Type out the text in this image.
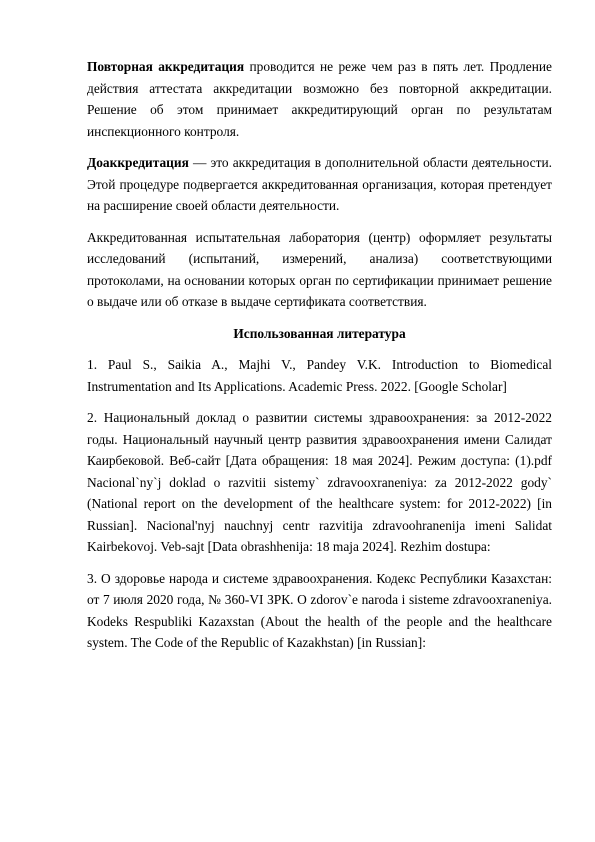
Повторная аккредитация проводится не реже чем раз в пять лет. Продление действия аттестата аккредитации возможно без повторной аккредитации. Решение об этом принимает аккредитирующий орган по результатам инспекционного контроля.

Доаккредитация — это аккредитация в дополнительной области деятельности. Этой процедуре подвергается аккредитованная организация, которая претендует на расширение своей области деятельности.

Аккредитованная испытательная лаборатория (центр) оформляет результаты исследований (испытаний, измерений, анализа) соответствующими протоколами, на основании которых орган по сертификации принимает решение о выдаче или об отказе в выдаче сертификата соответствия.

Использованная литература

1. Paul S., Saikia A., Majhi V., Pandey V.K. Introduction to Biomedical Instrumentation and Its Applications. Academic Press. 2022. [Google Scholar]

2. Национальный доклад о развитии системы здравоохранения: за 2012-2022 годы. Национальный научный центр развития здравоохранения имени Салидат Каирбековой. Веб-сайт [Дата обращения: 18 мая 2024]. Режим доступа: (1).pdf Nacional`ny`j doklad o razvitii sistemy` zdravooxraneniya: za 2012-2022 gody` (National report on the development of the healthcare system: for 2012-2022) [in Russian]. Nacional'nyj nauchnyj centr razvitija zdravoohranenija imeni Salidat Kairbekovoj. Veb-sajt [Data obrashhenija: 18 maja 2024]. Rezhim dostupa:

3. О здоровье народа и системе здравоохранения. Кодекс Республики Казахстан: от 7 июля 2020 года, № 360-VI ЗРК. O zdorov`e naroda i sisteme zdravooxraneniya. Kodeks Respubliki Kazaxstan (About the health of the people and the healthcare system. The Code of the Republic of Kazakhstan) [in Russian]:
